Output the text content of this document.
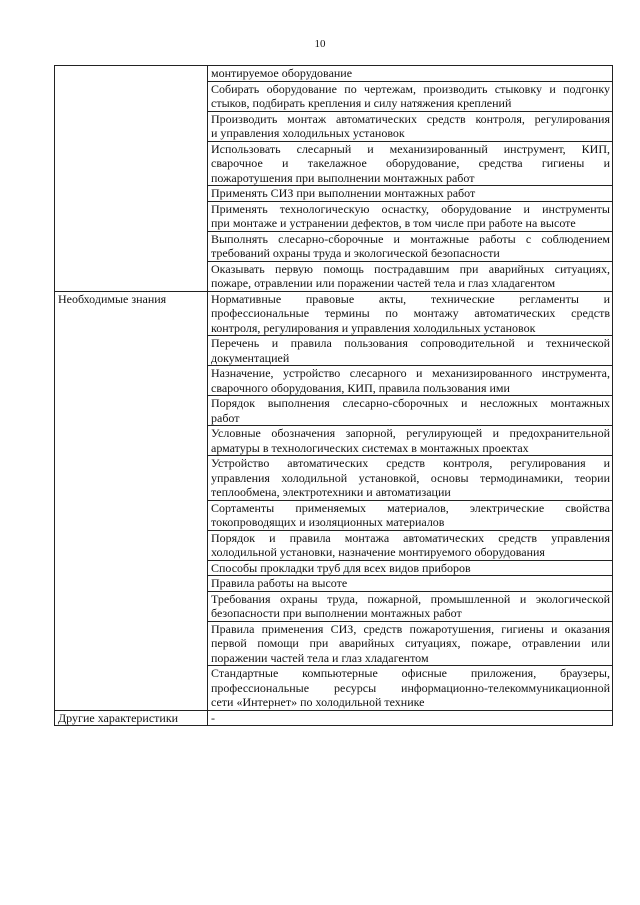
10

	монтируемое оборудование

	Собирать оборудование по чертежам, производить стыковку и подгонку
стыков, подбирать крепления и силу натяжения креплений

	Производить монтаж автоматических средств контроля, регулирования
и управления холодильных установок

	Использовать слесарный и механизированный инструмент, КИП,
сварочное и такелажное оборудование, средства гигиены и
пожаротушения при выполнении монтажных работ

	Применять СИЗ при выполнении монтажных работ

	Применять технологическую оснастку, оборудование и инструменты
при монтаже и устранении дефектов, в том числе при работе на высоте

	Выполнять слесарно-сборочные и монтажные работы с соблюдением
требований охраны труда и экологической безопасности

	Оказывать первую помощь пострадавшим при аварийных ситуациях,
пожаре, отравлении или поражении частей тела и глаз хладагентом

Необходимые знания	Нормативные правовые акты, технические регламенты и
профессиональные термины по монтажу автоматических средств
контроля, регулирования и управления холодильных установок

	Перечень и правила пользования сопроводительной и технической
документацией

	Назначение, устройство слесарного и механизированного инструмента,
сварочного оборудования, КИП, правила пользования ими

	Порядок выполнения слесарно-сборочных и несложных монтажных
работ

	Условные обозначения запорной, регулирующей и предохранительной
арматуры в технологических системах в монтажных проектах

	Устройство автоматических средств контроля, регулирования и
управления холодильной установкой, основы термодинамики, теории
теплообмена, электротехники и автоматизации

	Сортаменты применяемых материалов, электрические свойства
токопроводящих и изоляционных материалов

	Порядок и правила монтажа автоматических средств управления
холодильной установки, назначение монтируемого оборудования

	Способы прокладки труб для всех видов приборов

	Правила работы на высоте

	Требования охраны труда, пожарной, промышленной и экологической
безопасности при выполнении монтажных работ

	Правила применения СИЗ, средств пожаротушения, гигиены и оказания
первой помощи при аварийных ситуациях, пожаре, отравлении или
поражении частей тела и глаз хладагентом

	Стандартные компьютерные офисные приложения, браузеры,
профессиональные ресурсы информационно-телекоммуникационной
сети «Интернет» по холодильной технике

Другие характеристики	-
